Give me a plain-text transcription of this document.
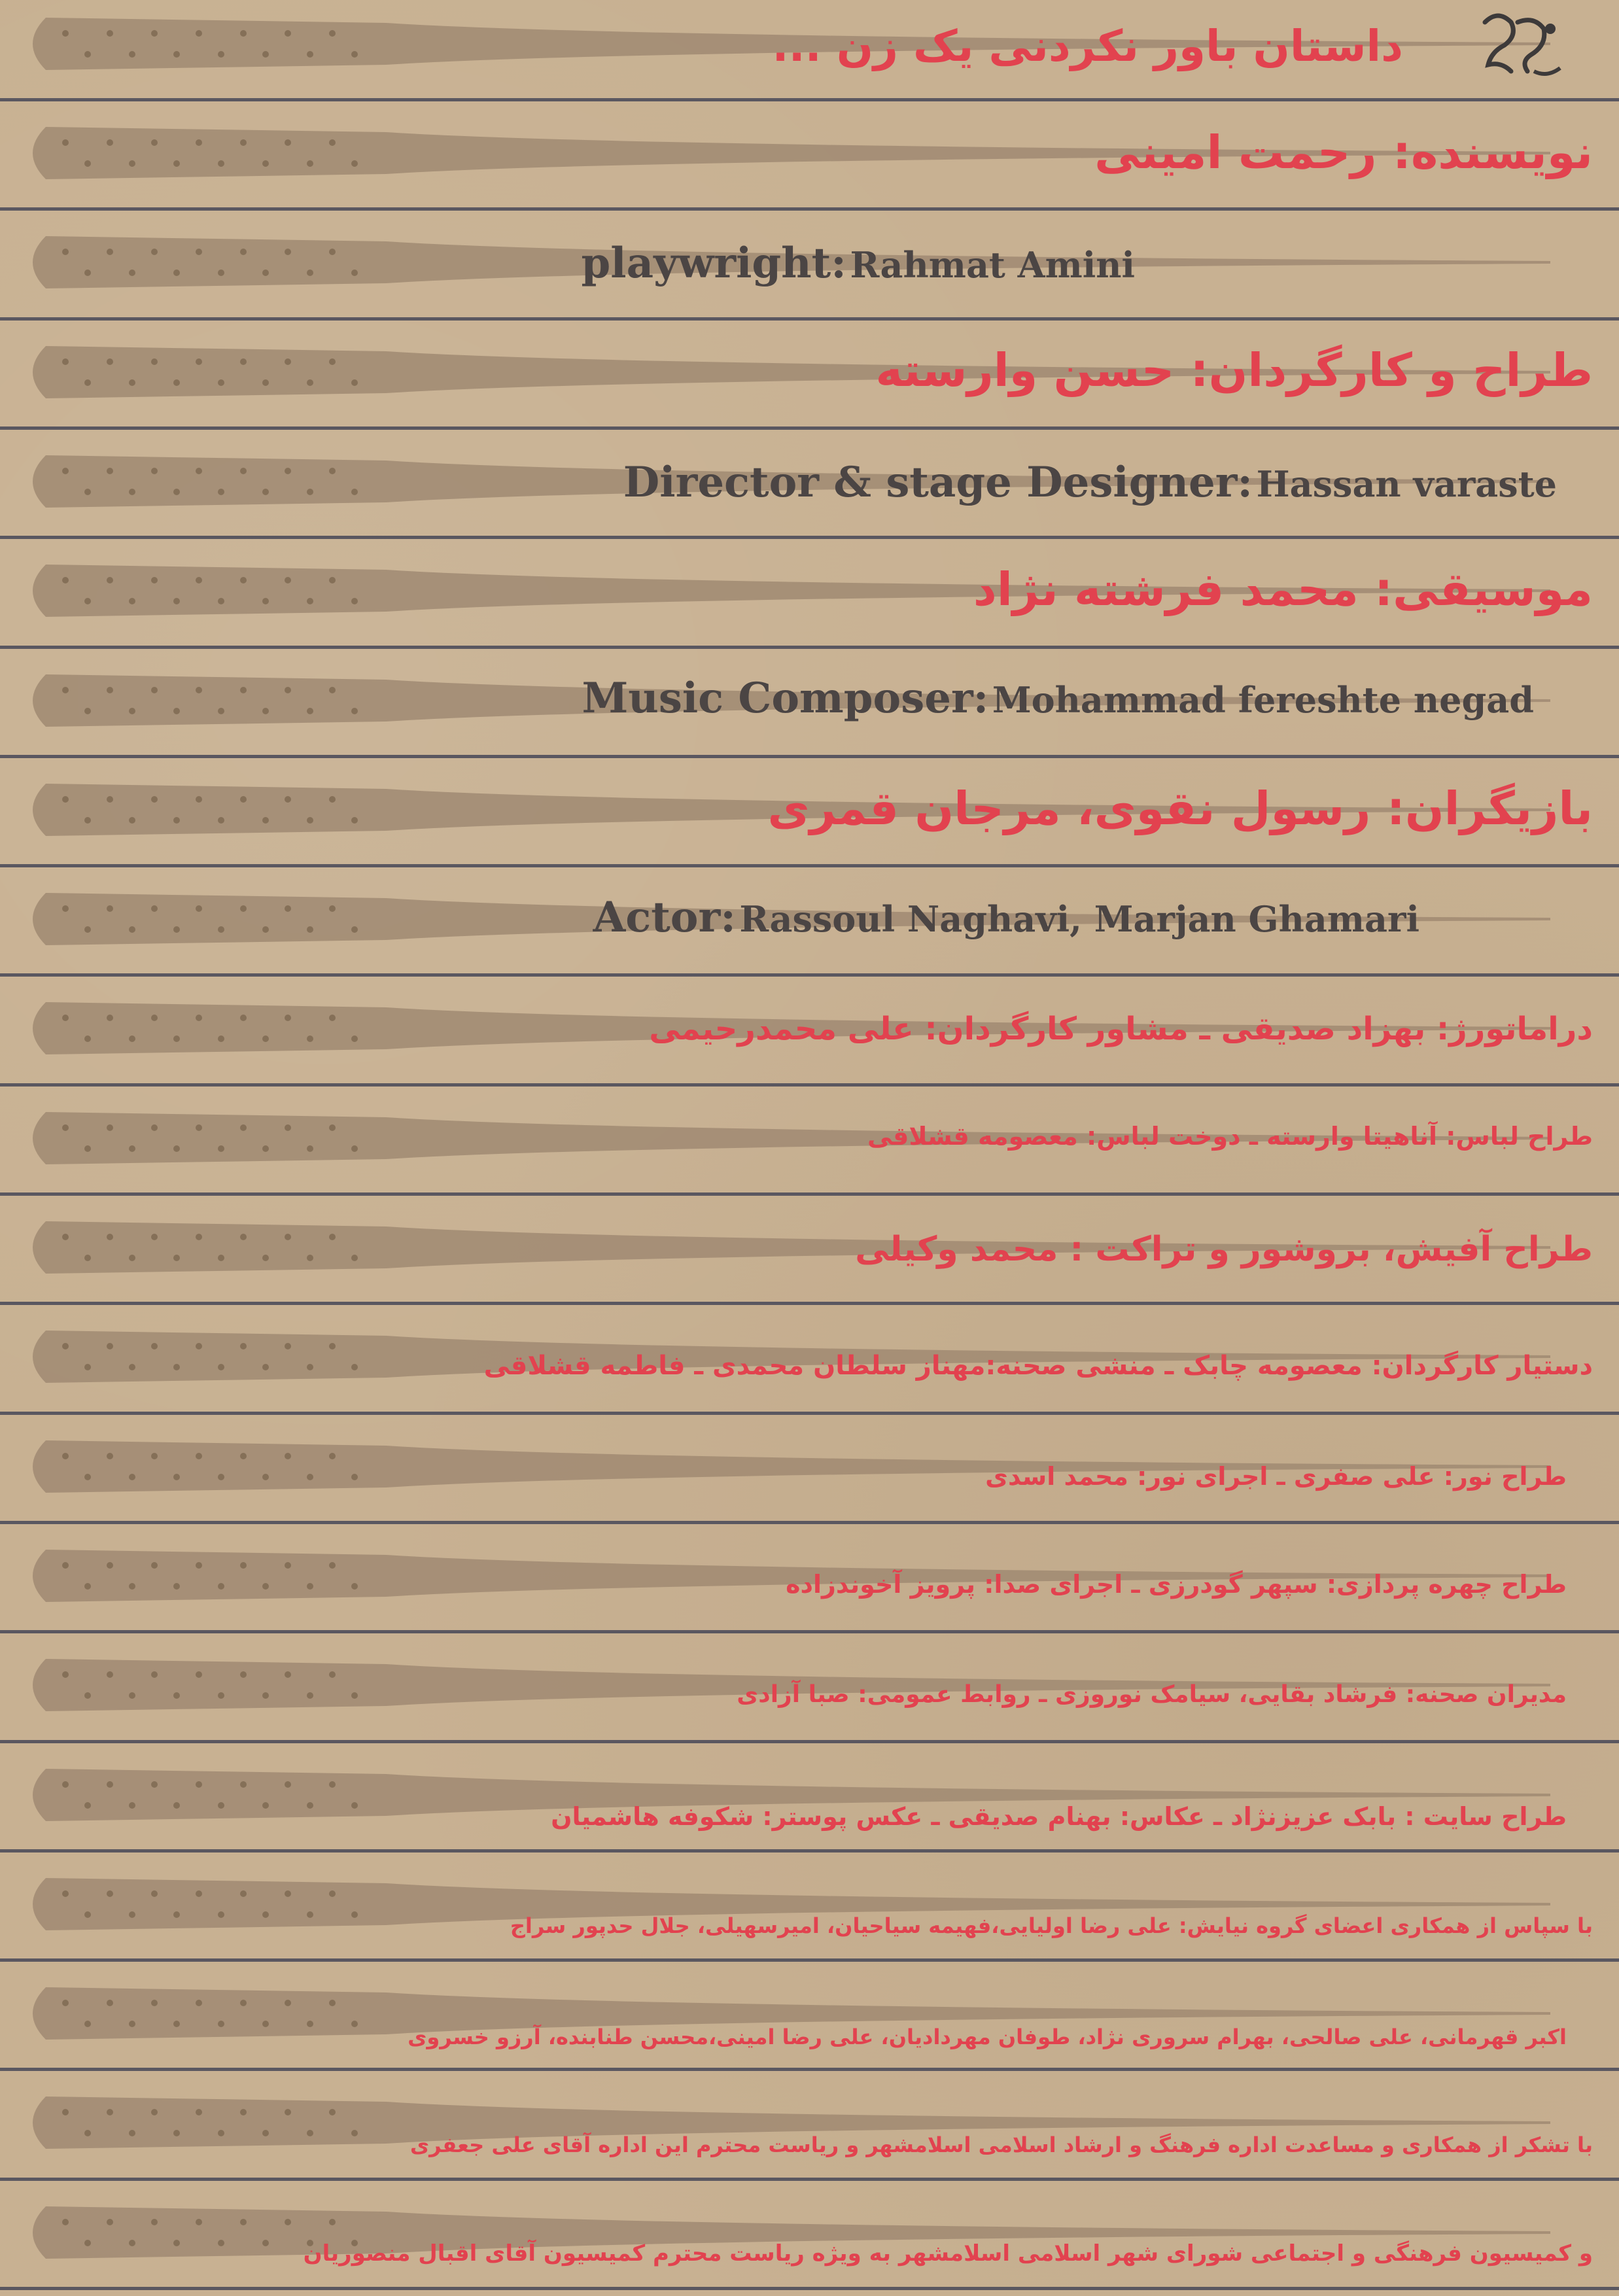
داستان باور نکردنی یک زن ...
نویسنده: رحمت امینی
playwright: Rahmat Amini
طراح و کارگردان: حسن وارسته
Director & stage Designer: Hassan varaste
موسیقی: محمد فرشته نژاد
Music Composer: Mohammad fereshte negad
بازیگران: رسول نقوی، مرجان قمری
Actor: Rassoul Naghavi, Marjan Ghamari
دراماتورژ: بهزاد صدیقی ـ مشاور کارگردان: علی محمدرحیمی
طراح لباس: آناهیتا وارسته ـ دوخت لباس: معصومه قشلاقی
طراح آفیش، بروشور و تراکت : محمد وکیلی
دستیار کارگردان: معصومه چابک ـ منشی صحنه:مهناز سلطان محمدی ـ فاطمه قشلاقی
طراح نور: علی صفری ـ اجرای نور: محمد اسدی
طراح چهره پردازی: سپهر گودرزی ـ اجرای صدا: پرویز آخوندزاده
مدیران صحنه: فرشاد بقایی، سیامک نوروزی ـ روابط عمومی: صبا آزادی
طراح سایت : بابک عزیزنژاد ـ عکاس: بهنام صدیقی ـ عکس پوستر: شکوفه هاشمیان
با سپاس از همکاری اعضای گروه نیایش: علی رضا اولیایی،فهیمه سیاحیان، امیرسهیلی، جلال حدپور سراج
اکبر قهرمانی، علی صالحی، بهرام سروری نژاد، طوفان مهردادیان، علی رضا امینی،محسن طنابنده، آرزو خسروی
با تشکر از همکاری و مساعدت اداره فرهنگ و ارشاد اسلامی اسلامشهر و ریاست محترم این اداره آقای علی جعفری
و کمیسیون فرهنگی و اجتماعی شورای شهر اسلامی اسلامشهر به ویژه ریاست محترم کمیسیون آقای اقبال منصوریان
